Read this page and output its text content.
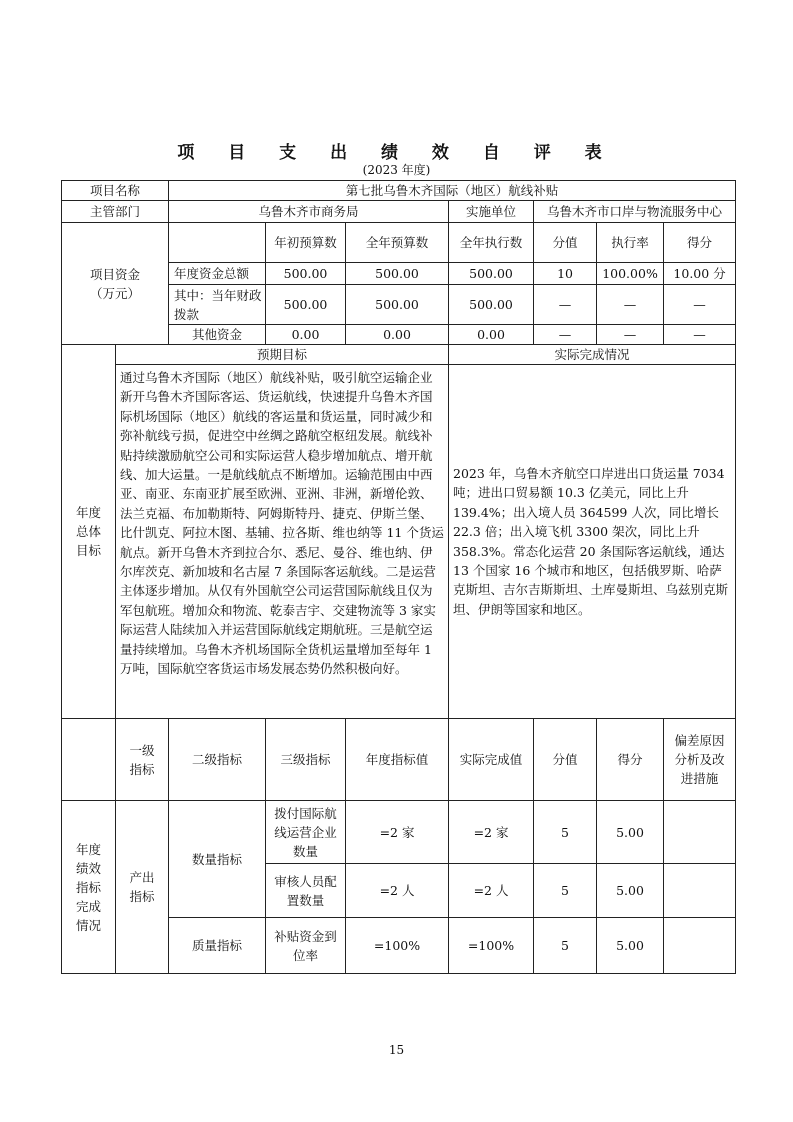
项 目 支 出 绩 效 自 评 表
(2023 年度)
项目名称		第七批乌鲁木齐国际（地区）航线补贴						
主管部门		乌鲁木齐市商务局			实施单位	乌鲁木齐市口岸与物流服务中心		
项目资金（万元）			年初预算数	全年预算数	全年执行数	分值	执行率	得分
		年度资金总额	500.00	500.00	500.00	10	100.00%	10.00 分
		其中：当年财政拨款	500.00	500.00	500.00	—	—	—
		其他资金	0.00	0.00	0.00	—	—	—
年度总体目标	预期目标				实际完成情况			
	通过乌鲁木齐国际（地区）航线补贴，吸引航空运输企业新开乌鲁木齐国际客运、货运航线，快速提升乌鲁木齐国际机场国际（地区）航线的客运量和货运量，同时减少和弥补航线亏损，促进空中丝绸之路航空枢纽发展。航线补贴持续激励航空公司和实际运营人稳步增加航点、增开航线、加大运量。一是航线航点不断增加。运输范围由中西亚、南亚、东南亚扩展至欧洲、亚洲、非洲，新增伦敦、法兰克福、布加勒斯特、阿姆斯特丹、捷克、伊斯兰堡、比什凯克、阿拉木图、基辅、拉各斯、维也纳等 11 个货运航点。新开乌鲁木齐到拉合尔、悉尼、曼谷、维也纳、伊尔库茨克、新加坡和名古屋 7 条国际客运航线。二是运营主体逐步增加。从仅有外国航空公司运营国际航线且仅为军包航班。增加众和物流、乾泰吉宇、交建物流等 3 家实际运营人陆续加入并运营国际航线定期航班。三是航空运量持续增加。乌鲁木齐机场国际全货机运量增加至每年 1 万吨，国际航空客货运市场发展态势仍然积极向好。				2023 年，乌鲁木齐航空口岸进出口货运量 7034 吨；进出口贸易额 10.3 亿美元，同比上升 139.4%；出入境人员 364599 人次，同比增长 22.3 倍；出入境飞机 3300 架次，同比上升 358.3%。常态化运营 20 条国际客运航线，通达 13 个国家 16 个城市和地区，包括俄罗斯、哈萨克斯坦、吉尔吉斯斯坦、土库曼斯坦、乌兹别克斯坦、伊朗等国家和地区。			
	一级指标	二级指标	三级指标	年度指标值	实际完成值	分值	得分	偏差原因分析及改进措施
年度绩效指标完成情况	产出指标	数量指标	拨付国际航线运营企业数量	=2 家	=2 家	5	5.00	
			审核人员配置数量	=2 人	=2 人	5	5.00	
		质量指标	补贴资金到位率	=100%	=100%	5	5.00	
15
